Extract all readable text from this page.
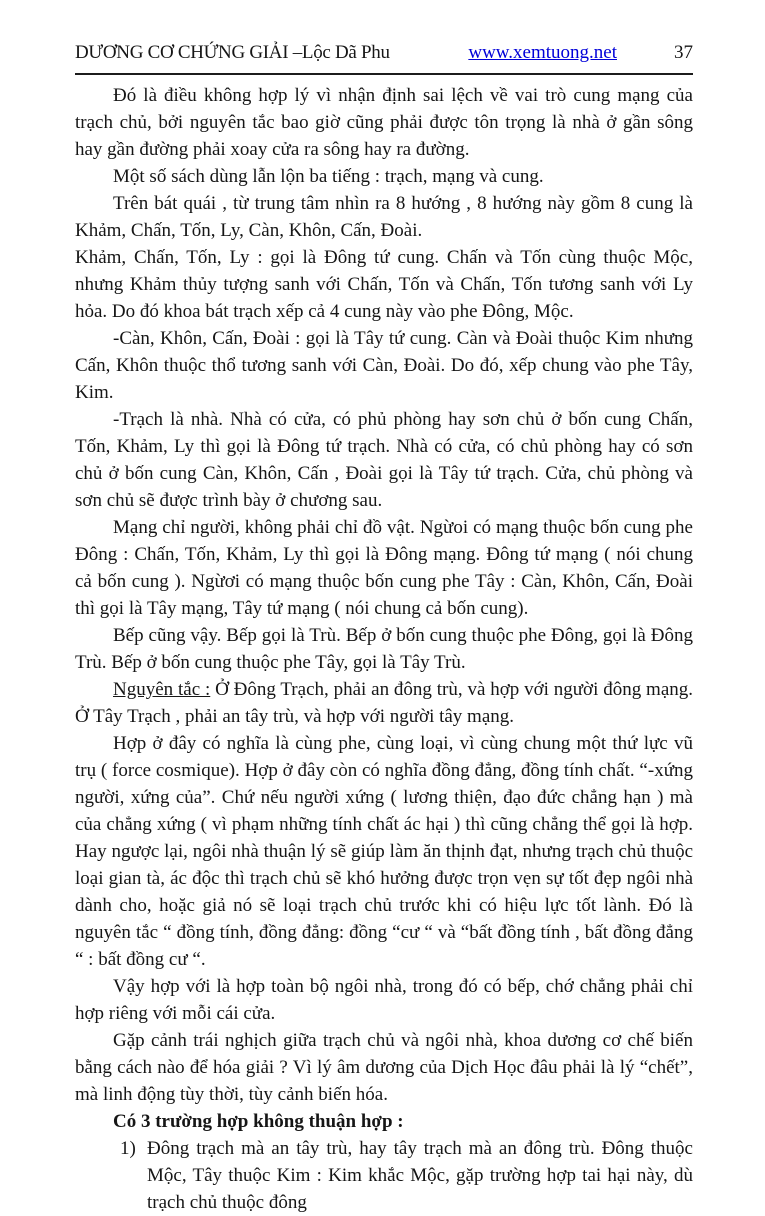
DƯƠNG CƠ CHỨNG GIẢI –Lộc Dã Phu	www.xemtuong.net	37

Đó là điều không hợp lý vì nhận định sai lệch về vai trò cung mạng của trạch chủ, bởi nguyên tắc bao giờ cũng phải được tôn trọng là nhà ở gần sông hay gần đường phải xoay cửa ra sông hay ra đường.

Một số sách dùng lẫn lộn ba tiếng : trạch, mạng và cung.

Trên bát quái , từ trung tâm nhìn ra 8 hướng , 8 hướng này gồm 8 cung là Khảm, Chấn, Tốn, Ly, Càn, Khôn, Cấn, Đoài.

Khảm, Chấn, Tốn, Ly : gọi là Đông tứ cung. Chấn và Tốn cùng thuộc Mộc, nhưng Khảm thủy tượng sanh với Chấn, Tốn và Chấn, Tốn tương sanh với Ly hỏa. Do đó khoa bát trạch xếp cả 4 cung này vào phe Đông, Mộc.

-Càn, Khôn, Cấn, Đoài : gọi là Tây tứ cung. Càn và Đoài thuộc Kim nhưng Cấn, Khôn thuộc thổ tương sanh với Càn, Đoài. Do đó, xếp chung vào phe Tây, Kim.

-Trạch là nhà. Nhà có cửa, có phủ phòng hay sơn chủ ở bốn cung Chấn, Tốn, Khảm, Ly thì gọi là Đông tứ trạch. Nhà có cửa, có chủ phòng hay có sơn chủ ở bốn cung Càn, Khôn, Cấn , Đoài gọi là Tây tứ trạch. Cửa, chủ phòng và sơn chủ sẽ được trình bày ở chương sau.

Mạng chỉ người, không phải chỉ đồ vật. Ngừoi có mạng thuộc bốn cung phe Đông : Chấn, Tốn, Khảm, Ly thì gọi là Đông mạng. Đông tứ mạng ( nói chung cả bốn cung ). Ngừơi có mạng thuộc bốn cung phe Tây : Càn, Khôn, Cấn, Đoài thì gọi là Tây mạng, Tây tứ mạng ( nói chung cả bốn cung).

Bếp cũng vậy. Bếp gọi là Trù. Bếp ở bốn cung thuộc phe Đông, gọi là Đông Trù. Bếp ở bốn cung thuộc phe Tây, gọi là Tây Trù.

Nguyên tắc : Ở Đông Trạch, phải an đông trù, và hợp với người đông mạng. Ở Tây Trạch , phải an tây trù, và hợp với người tây mạng.

Hợp ở đây có nghĩa là cùng phe, cùng loại, vì cùng chung một thứ lực vũ trụ ( force cosmique). Hợp ở đây còn có nghĩa đồng đẳng, đồng tính chất. “-xứng người, xứng của”. Chứ nếu người xứng ( lương thiện, đạo đức chẳng hạn ) mà của chẳng xứng ( vì phạm những tính chất ác hại ) thì cũng chẳng thể gọi là hợp. Hay ngược lại, ngôi nhà thuận lý sẽ giúp làm ăn thịnh đạt, nhưng trạch chủ thuộc loại gian tà, ác độc thì trạch chủ sẽ khó hưởng được trọn vẹn sự tốt đẹp ngôi nhà dành cho, hoặc giả nó sẽ loại trạch chủ trước khi có hiệu lực tốt lành. Đó là nguyên tắc “ đồng tính, đồng đẳng: đồng “cư “ và “bất đồng tính , bất đồng đẳng “ : bất đồng cư “.

Vậy hợp với là hợp toàn bộ ngôi nhà, trong đó có bếp, chớ chẳng phải chỉ hợp riêng với mỗi cái cửa.

Gặp cảnh trái nghịch giữa trạch chủ và ngôi nhà, khoa dương cơ chế biến bằng cách nào để hóa giải ? Vì lý âm dương của Dịch Học đâu phải là lý “chết”, mà linh động tùy thời, tùy cảnh biến hóa.

Có 3 trường hợp không thuận hợp :

1) Đông trạch mà an tây trù, hay tây trạch mà an đông trù. Đông thuộc Mộc, Tây thuộc Kim : Kim khắc Mộc, gặp trường hợp tai hại này, dù trạch chủ thuộc đông
